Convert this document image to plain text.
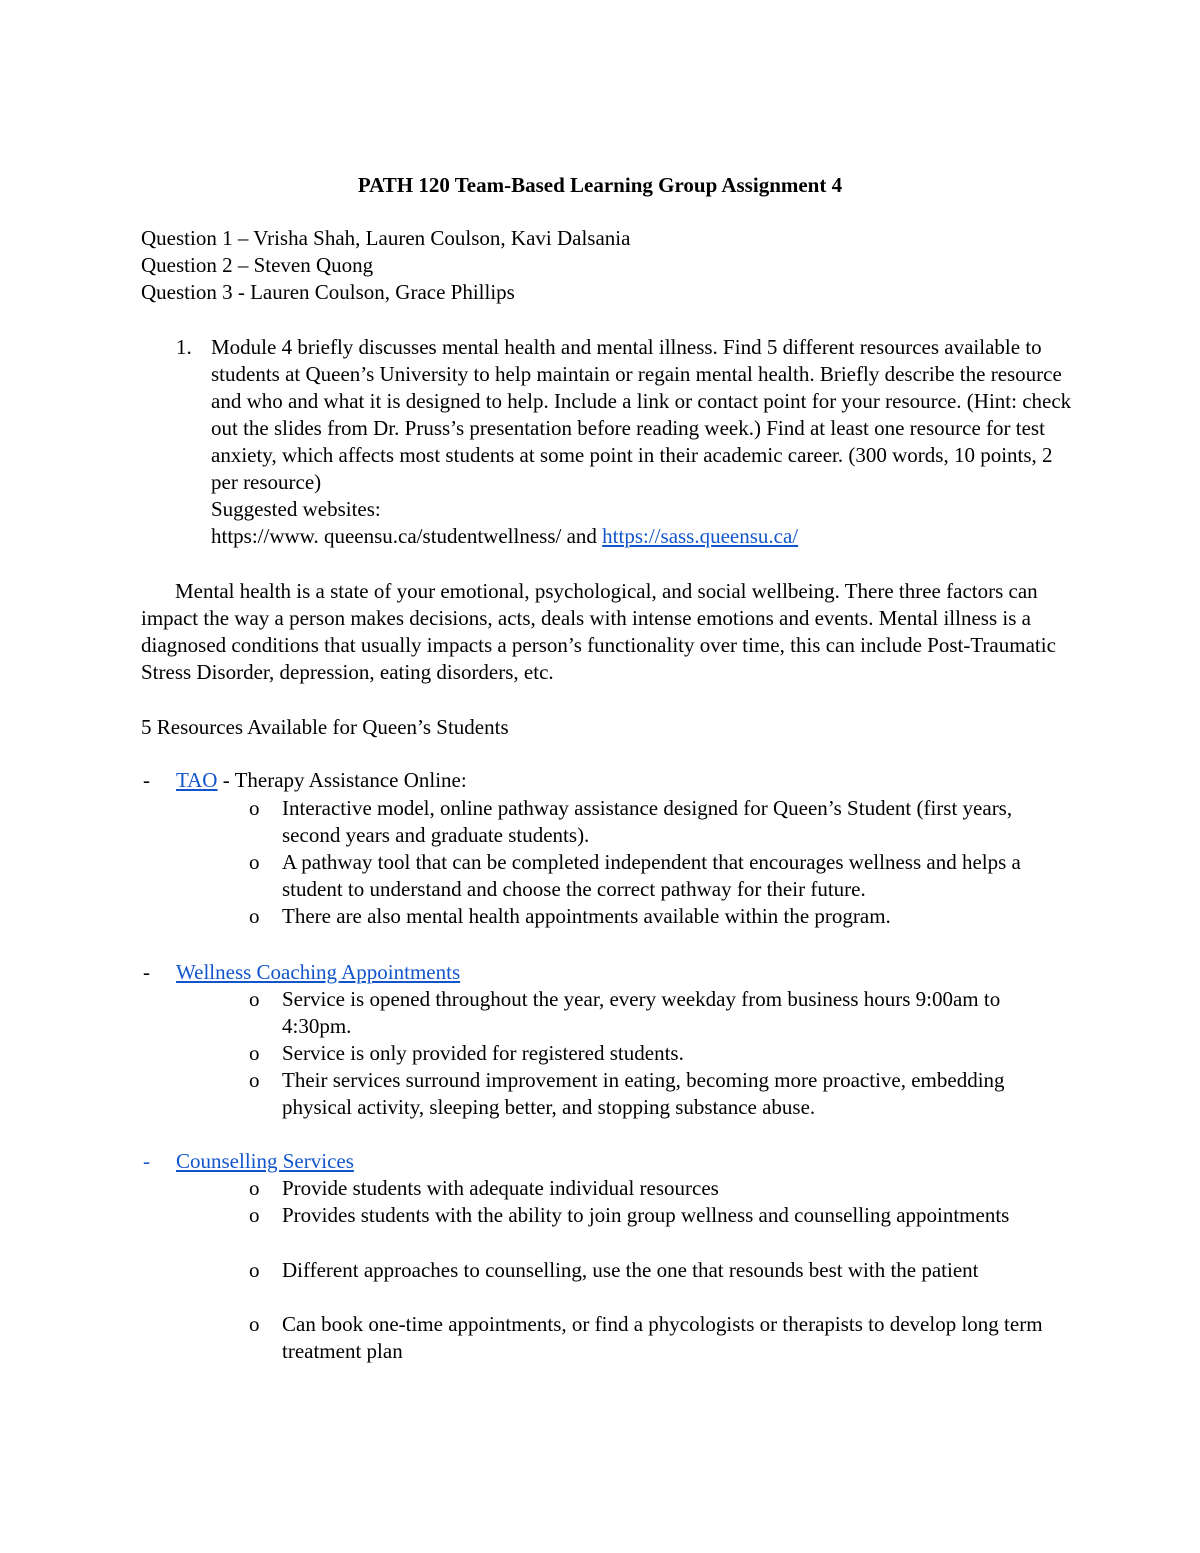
PATH 120 Team-Based Learning Group Assignment 4
Question 1 – Vrisha Shah, Lauren Coulson, Kavi Dalsania
Question 2 – Steven Quong
Question 3 - Lauren Coulson, Grace Phillips
1. Module 4 briefly discusses mental health and mental illness. Find 5 different resources available to students at Queen’s University to help maintain or regain mental health. Briefly describe the resource and who and what it is designed to help. Include a link or contact point for your resource. (Hint: check out the slides from Dr. Pruss’s presentation before reading week.) Find at least one resource for test anxiety, which affects most students at some point in their academic career. (300 words, 10 points, 2 per resource)
Suggested websites:
https://www. queensu.ca/studentwellness/ and https://sass.queensu.ca/
Mental health is a state of your emotional, psychological, and social wellbeing. There three factors can impact the way a person makes decisions, acts, deals with intense emotions and events. Mental illness is a diagnosed conditions that usually impacts a person’s functionality over time, this can include Post-Traumatic Stress Disorder, depression, eating disorders, etc.
5 Resources Available for Queen’s Students
- TAO - Therapy Assistance Online:
o Interactive model, online pathway assistance designed for Queen’s Student (first years, second years and graduate students).
o A pathway tool that can be completed independent that encourages wellness and helps a student to understand and choose the correct pathway for their future.
o There are also mental health appointments available within the program.
- Wellness Coaching Appointments
o Service is opened throughout the year, every weekday from business hours 9:00am to 4:30pm.
o Service is only provided for registered students.
o Their services surround improvement in eating, becoming more proactive, embedding physical activity, sleeping better, and stopping substance abuse.
- Counselling Services
o Provide students with adequate individual resources
o Provides students with the ability to join group wellness and counselling appointments
o Different approaches to counselling, use the one that resounds best with the patient
o Can book one-time appointments, or find a phycologists or therapists to develop long term treatment plan
